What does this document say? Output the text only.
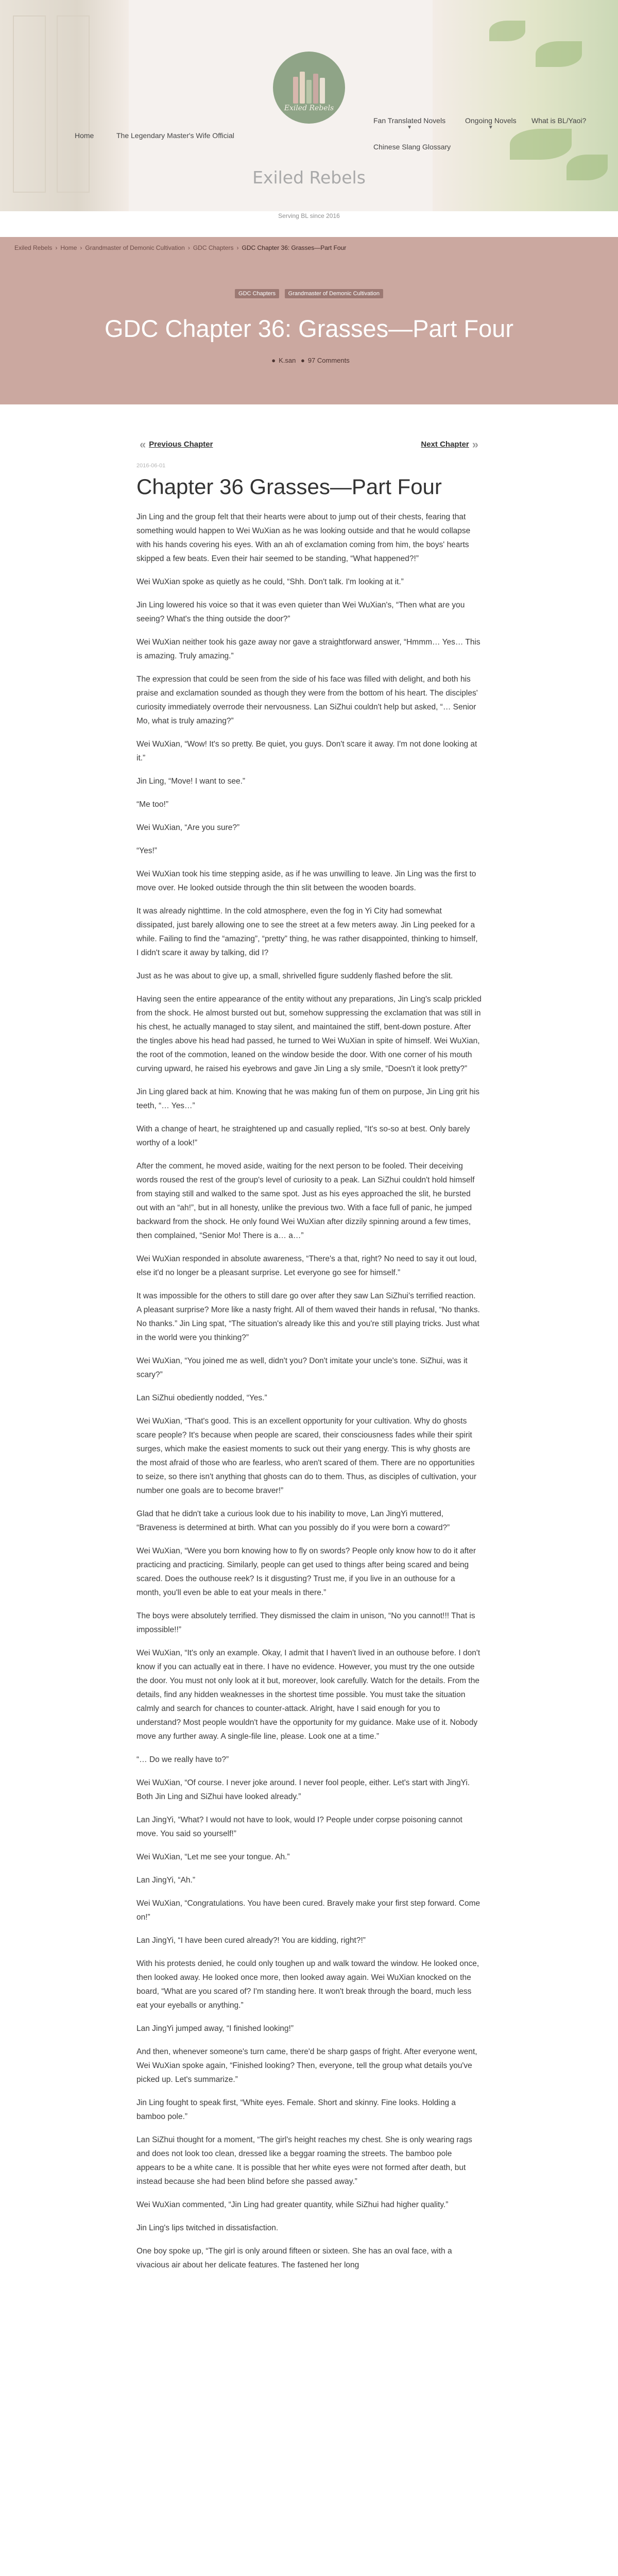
Exiled Rebels
Home	The Legendary Master's Wife Official
Fan Translated Novels
▼
Ongoing Novels
▼
What is BL/Yaoi?
Chinese Slang Glossary
Exiled Rebels
Serving BL since 2016
Exiled Rebels › Home › Grandmaster of Demonic Cultivation › GDC Chapters › GDC Chapter 36: Grasses—Part Four
GDC Chapters Grandmaster of Demonic Cultivation
GDC Chapter 36: Grasses—Part Four
● K.san ● 97 Comments
« Previous Chapter	Next Chapter »
2016-06-01
Chapter 36 Grasses—Part Four

Jin Ling and the group felt that their hearts were about to jump out of their chests, fearing that something would happen to Wei WuXian as he was looking outside and that he would collapse with his hands covering his eyes. With an ah of exclamation coming from him, the boys' hearts skipped a few beats. Even their hair seemed to be standing, “What happened?!”

Wei WuXian spoke as quietly as he could, “Shh. Don't talk. I'm looking at it.”

Jin Ling lowered his voice so that it was even quieter than Wei WuXian's, “Then what are you seeing? What's the thing outside the door?”

Wei WuXian neither took his gaze away nor gave a straightforward answer, “Hmmm… Yes… This is amazing. Truly amazing.”

The expression that could be seen from the side of his face was filled with delight, and both his praise and exclamation sounded as though they were from the bottom of his heart. The disciples' curiosity immediately overrode their nervousness. Lan SiZhui couldn't help but asked, “… Senior Mo, what is truly amazing?”

Wei WuXian, “Wow! It's so pretty. Be quiet, you guys. Don't scare it away. I'm not done looking at it.”

Jin Ling, “Move! I want to see.”

“Me too!”

Wei WuXian, “Are you sure?”

“Yes!”

Wei WuXian took his time stepping aside, as if he was unwilling to leave. Jin Ling was the first to move over. He looked outside through the thin slit between the wooden boards.

It was already nighttime. In the cold atmosphere, even the fog in Yi City had somewhat dissipated, just barely allowing one to see the street at a few meters away. Jin Ling peeked for a while. Failing to find the “amazing”, “pretty” thing, he was rather disappointed, thinking to himself, I didn't scare it away by talking, did I?

Just as he was about to give up, a small, shrivelled figure suddenly flashed before the slit.

Having seen the entire appearance of the entity without any preparations, Jin Ling's scalp prickled from the shock. He almost bursted out but, somehow suppressing the exclamation that was still in his chest, he actually managed to stay silent, and maintained the stiff, bent-down posture. After the tingles above his head had passed, he turned to Wei WuXian in spite of himself. Wei WuXian, the root of the commotion, leaned on the window beside the door. With one corner of his mouth curving upward, he raised his eyebrows and gave Jin Ling a sly smile, “Doesn't it look pretty?”

Jin Ling glared back at him. Knowing that he was making fun of them on purpose, Jin Ling grit his teeth, “… Yes…”

With a change of heart, he straightened up and casually replied, “It's so-so at best. Only barely worthy of a look!”

After the comment, he moved aside, waiting for the next person to be fooled. Their deceiving words roused the rest of the group's level of curiosity to a peak. Lan SiZhui couldn't hold himself from staying still and walked to the same spot. Just as his eyes approached the slit, he bursted out with an “ah!”, but in all honesty, unlike the previous two. With a face full of panic, he jumped backward from the shock. He only found Wei WuXian after dizzily spinning around a few times, then complained, “Senior Mo! There is a… a…”

Wei WuXian responded in absolute awareness, “There's a that, right? No need to say it out loud, else it'd no longer be a pleasant surprise. Let everyone go see for himself.”

It was impossible for the others to still dare go over after they saw Lan SiZhui's terrified reaction. A pleasant surprise? More like a nasty fright. All of them waved their hands in refusal, “No thanks. No thanks.” Jin Ling spat, “The situation's already like this and you're still playing tricks. Just what in the world were you thinking?”

Wei WuXian, “You joined me as well, didn't you? Don't imitate your uncle's tone. SiZhui, was it scary?”

Lan SiZhui obediently nodded, “Yes.”

Wei WuXian, “That's good. This is an excellent opportunity for your cultivation. Why do ghosts scare people? It's because when people are scared, their consciousness fades while their spirit surges, which make the easiest moments to suck out their yang energy. This is why ghosts are the most afraid of those who are fearless, who aren't scared of them. There are no opportunities to seize, so there isn't anything that ghosts can do to them. Thus, as disciples of cultivation, your number one goals are to become braver!”

Glad that he didn't take a curious look due to his inability to move, Lan JingYi muttered, “Braveness is determined at birth. What can you possibly do if you were born a coward?”

Wei WuXian, “Were you born knowing how to fly on swords? People only know how to do it after practicing and practicing. Similarly, people can get used to things after being scared and being scared. Does the outhouse reek? Is it disgusting? Trust me, if you live in an outhouse for a month, you'll even be able to eat your meals in there.”

The boys were absolutely terrified. They dismissed the claim in unison, “No you cannot!!! That is impossible!!”

Wei WuXian, “It's only an example. Okay, I admit that I haven't lived in an outhouse before. I don't know if you can actually eat in there. I have no evidence. However, you must try the one outside the door. You must not only look at it but, moreover, look carefully. Watch for the details. From the details, find any hidden weaknesses in the shortest time possible. You must take the situation calmly and search for chances to counter-attack. Alright, have I said enough for you to understand? Most people wouldn't have the opportunity for my guidance. Make use of it. Nobody move any further away. A single-file line, please. Look one at a time.”

“… Do we really have to?”

Wei WuXian, “Of course. I never joke around. I never fool people, either. Let's start with JingYi. Both Jin Ling and SiZhui have looked already.”

Lan JingYi, “What? I would not have to look, would I? People under corpse poisoning cannot move. You said so yourself!”

Wei WuXian, “Let me see your tongue. Ah.”

Lan JingYi, “Ah.”

Wei WuXian, “Congratulations. You have been cured. Bravely make your first step forward. Come on!”

Lan JingYi, “I have been cured already?! You are kidding, right?!”

With his protests denied, he could only toughen up and walk toward the window. He looked once, then looked away. He looked once more, then looked away again. Wei WuXian knocked on the board, “What are you scared of? I'm standing here. It won't break through the board, much less eat your eyeballs or anything.”

Lan JingYi jumped away, “I finished looking!”

And then, whenever someone's turn came, there'd be sharp gasps of fright. After everyone went, Wei WuXian spoke again, “Finished looking? Then, everyone, tell the group what details you've picked up. Let's summarize.”

Jin Ling fought to speak first, “White eyes. Female. Short and skinny. Fine looks. Holding a bamboo pole.”

Lan SiZhui thought for a moment, “The girl's height reaches my chest. She is only wearing rags and does not look too clean, dressed like a beggar roaming the streets. The bamboo pole appears to be a white cane. It is possible that her white eyes were not formed after death, but instead because she had been blind before she passed away.”

Wei WuXian commented, “Jin Ling had greater quantity, while SiZhui had higher quality.”

Jin Ling's lips twitched in dissatisfaction.

One boy spoke up, “The girl is only around fifteen or sixteen. She has an oval face, with a vivacious air about her delicate features. The fastened her long
